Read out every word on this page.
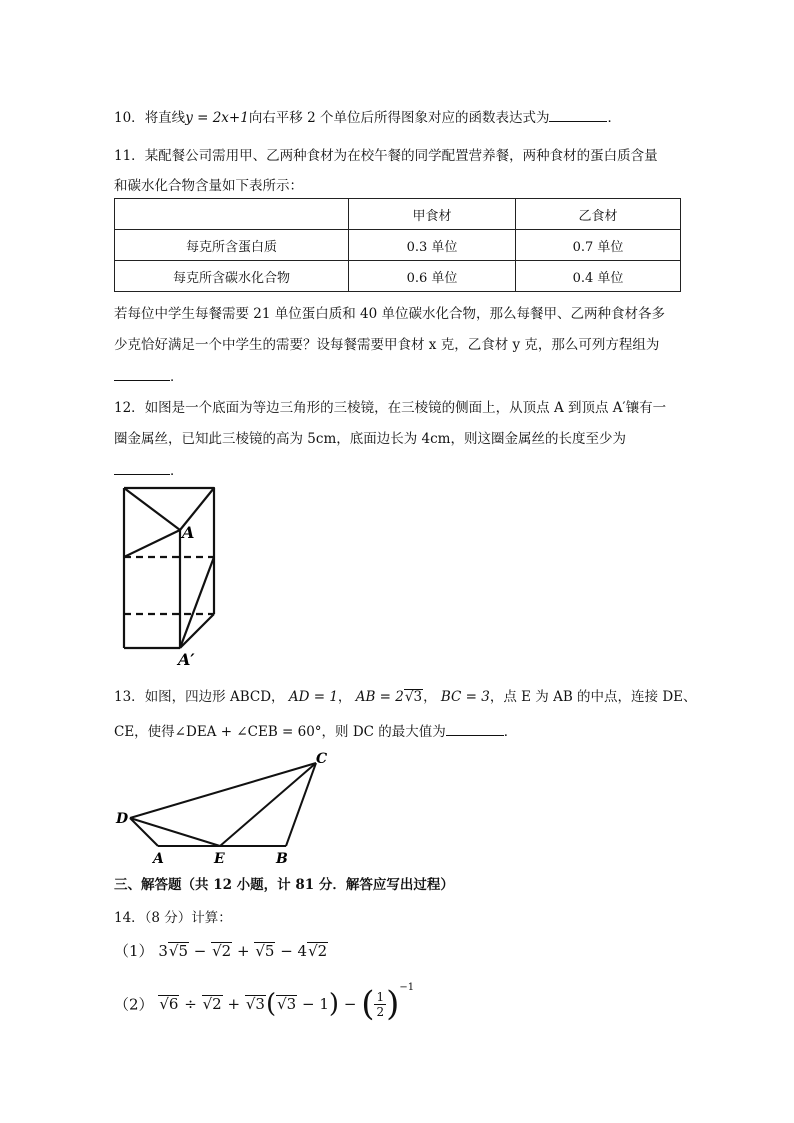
10．将直线y = 2x+1向右平移 2 个单位后所得图象对应的函数表达式为	．
11．某配餐公司需用甲、乙两种食材为在校午餐的同学配置营养餐，两种食材的蛋白质含量
和碳水化合物含量如下表所示：
	甲食材	乙食材
每克所含蛋白质	0.3 单位	0.7 单位
每克所含碳水化合物	0.6 单位	0.4 单位
若每位中学生每餐需要 21 单位蛋白质和 40 单位碳水化合物，那么每餐甲、乙两种食材各多
少克恰好满足一个中学生的需要？设每餐需要甲食材 x 克，乙食材 y 克，那么可列方程组为
．
12．如图是一个底面为等边三角形的三棱镜，在三棱镜的侧面上，从顶点 A 到顶点 A′镶有一
圈金属丝，已知此三棱镜的高为 5cm，底面边长为 4cm，则这圈金属丝的长度至少为
．
A
A′
13．如图，四边形 ABCD， AD = 1， AB = 2√3， BC = 3，点 E 为 AB 的中点，连接 DE、
CE，使得∠DEA + ∠CEB = 60°，则 DC 的最大值为	．
C
D
A	E	B
三、解答题（共 12 小题，计 81 分．解答应写出过程）
14．（8 分）计算：
（1） 3√5 − √2 + √5 − 4√2
（2） √6 ÷ √2 + √3(√3 − 1) − ( $\frac{1}{2} )^{-1}$
